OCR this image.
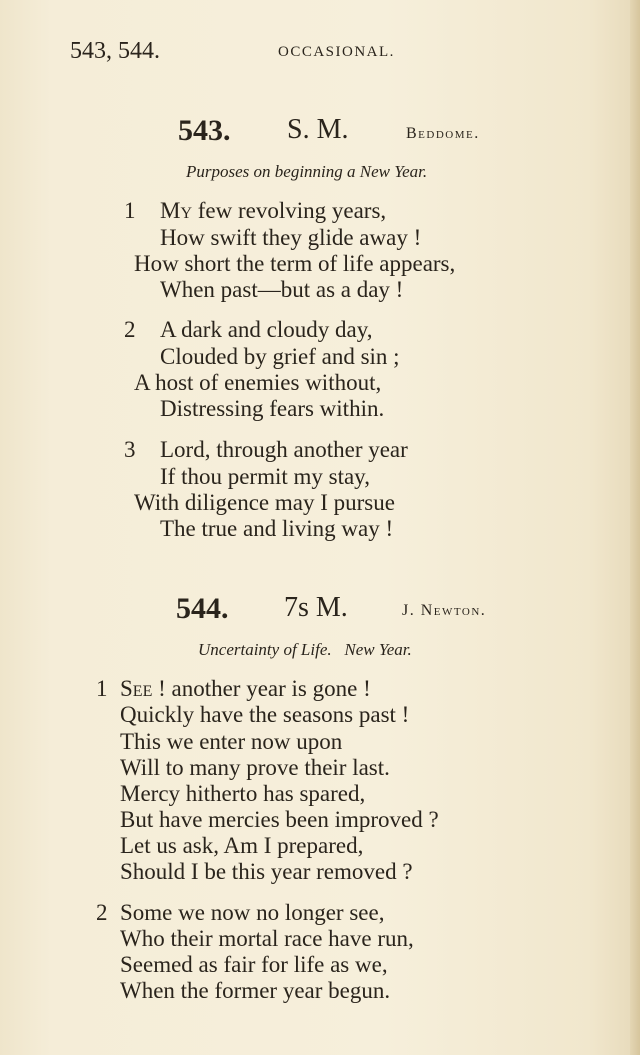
543, 544.	OCCASIONAL.
543. S. M.	Beddome.
Purposes on beginning a New Year.
1 My few revolving years,
How swift they glide away !
How short the term of life appears,
When past—but as a day !
2 A dark and cloudy day,
Clouded by grief and sin ;
A host of enemies without,
Distressing fears within.
3 Lord, through another year
If thou permit my stay,
With diligence may I pursue
The true and living way !
544. 7s M.	J. Newton.
Uncertainty of Life.   New Year.
1 See ! another year is gone !
Quickly have the seasons past !
This we enter now upon
Will to many prove their last.
Mercy hitherto has spared,
But have mercies been improved ?
Let us ask, Am I prepared,
Should I be this year removed ?
2 Some we now no longer see,
Who their mortal race have run,
Seemed as fair for life as we,
When the former year begun.
